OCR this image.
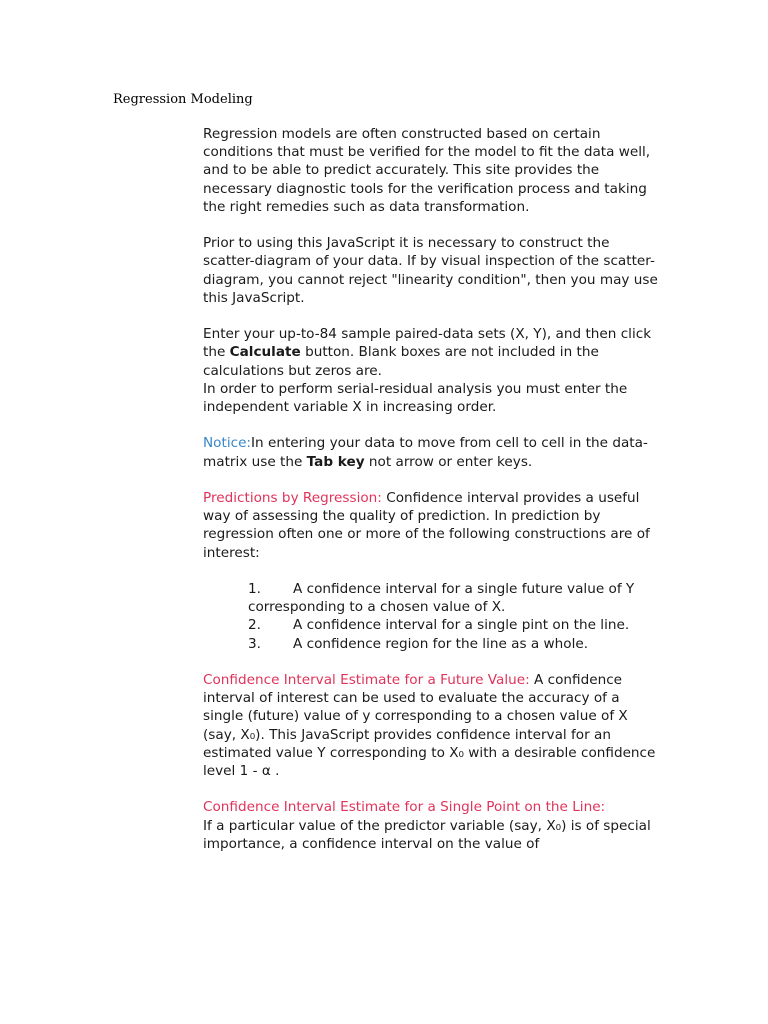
Regression Modeling

Regression models are often constructed based on certain conditions that must be verified for the model to fit the data well, and to be able to predict accurately. This site provides the necessary diagnostic tools for the verification process and taking the right remedies such as data transformation.

Prior to using this JavaScript it is necessary to construct the scatter-diagram of your data. If by visual inspection of the scatter-diagram, you cannot reject "linearity condition", then you may use this JavaScript.

Enter your up-to-84 sample paired-data sets (X, Y), and then click the Calculate button. Blank boxes are not included in the calculations but zeros are.
In order to perform serial-residual analysis you must enter the independent variable X in increasing order.

Notice:In entering your data to move from cell to cell in the data-matrix use the Tab key not arrow or enter keys.

Predictions by Regression: Confidence interval provides a useful way of assessing the quality of prediction. In prediction by regression often one or more of the following constructions are of interest:

1. A confidence interval for a single future value of Y corresponding to a chosen value of X.
2. A confidence interval for a single pint on the line.
3. A confidence region for the line as a whole.

Confidence Interval Estimate for a Future Value: A confidence interval of interest can be used to evaluate the accuracy of a single (future) value of y corresponding to a chosen value of X (say, X₀). This JavaScript provides confidence interval for an estimated value Y corresponding to X₀ with a desirable confidence level 1 - α .

Confidence Interval Estimate for a Single Point on the Line:
If a particular value of the predictor variable (say, X₀) is of special importance, a confidence interval on the value of
